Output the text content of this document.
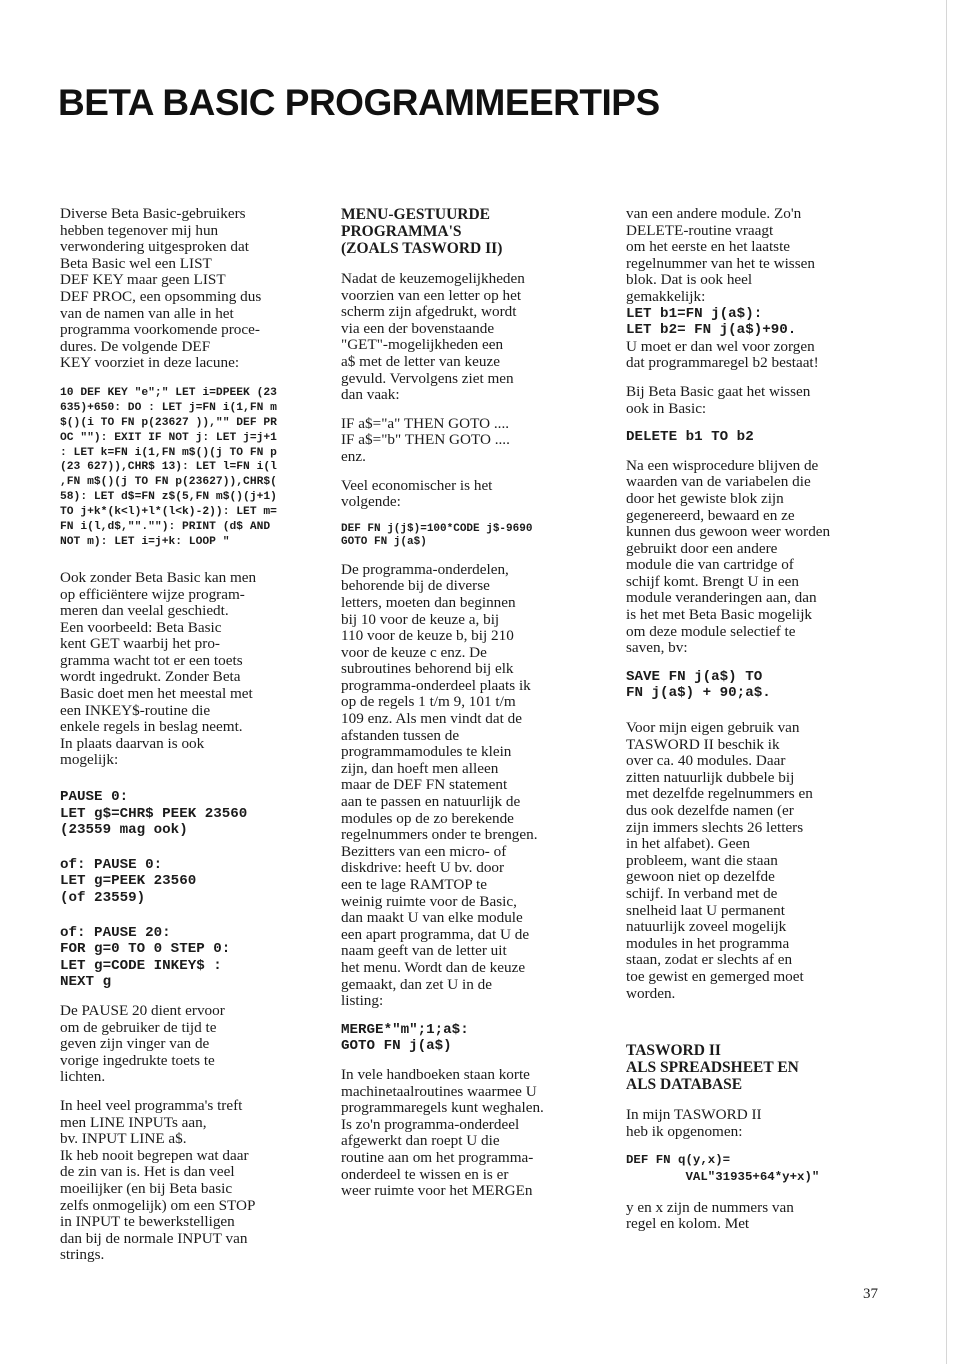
BETA BASIC PROGRAMMEERTIPS

Diverse Beta Basic-gebruikers
hebben tegenover mij hun
verwondering uitgesproken dat
Beta Basic wel een LIST
DEF KEY maar geen LIST
DEF PROC, een opsomming dus
van de namen van alle in het
programma voorkomende proce-
dures. De volgende DEF
KEY voorziet in deze lacune:

10 DEF KEY "e";" LET i=DPEEK (23
635)+650: DO : LET j=FN i(1,FN m
$()(i TO FN p(23627 )),"" DEF PR
OC ""): EXIT IF NOT j: LET j=j+1
: LET k=FN i(1,FN m$()(j TO FN p
(23 627)),CHR$ 13): LET l=FN i(l
,FN m$()(j TO FN p(23627)),CHR$(
58): LET d$=FN z$(5,FN m$()(j+1)
TO j+k*(k<l)+l*(l<k)-2)): LET m=
FN i(l,d$,"".""): PRINT (d$ AND
NOT m): LET i=j+k: LOOP "

Ook zonder Beta Basic kan men
op efficiëntere wijze program-
meren dan veelal geschiedt.
Een voorbeeld: Beta Basic
kent GET waarbij het pro-
gramma wacht tot er een toets
wordt ingedrukt. Zonder Beta
Basic doet men het meestal met
een INKEY$-routine die
enkele regels in beslag neemt.
In plaats daarvan is ook
mogelijk:

PAUSE 0:
LET g$=CHR$ PEEK 23560
(23559 mag ook)
of: PAUSE 0:
LET g=PEEK 23560
(of 23559)
of: PAUSE 20:
FOR g=0 TO 0 STEP 0:
LET g=CODE INKEY$ :
NEXT g

De PAUSE 20 dient ervoor
om de gebruiker de tijd te
geven zijn vinger van de
vorige ingedrukte toets te
lichten.

In heel veel programma's treft
men LINE INPUTs aan,
bv. INPUT LINE a$.
Ik heb nooit begrepen wat daar
de zin van is. Het is dan veel
moeilijker (en bij Beta basic
zelfs onmogelijk) om een STOP
in INPUT te bewerkstelligen
dan bij de normale INPUT van
strings.

MENU-GESTUURDE
PROGRAMMA'S
(ZOALS TASWORD II)

Nadat de keuzemogelijkheden
voorzien van een letter op het
scherm zijn afgedrukt, wordt
via een der bovenstaande
"GET"-mogelijkheden een
a$ met de letter van keuze
gevuld. Vervolgens ziet men
dan vaak:

IF a$="a" THEN GOTO ....
IF a$="b" THEN GOTO ....
enz.

Veel economischer is het
volgende:

DEF FN j(j$)=100*CODE j$-9690
GOTO FN j(a$)

De programma-onderdelen,
behorende bij de diverse
letters, moeten dan beginnen
bij 10 voor de keuze a, bij
110 voor de keuze b, bij 210
voor de keuze c enz. De
subroutines behorend bij elk
programma-onderdeel plaats ik
op de regels 1 t/m 9, 101 t/m
109 enz. Als men vindt dat de
afstanden tussen de
programmamodules te klein
zijn, dan hoeft men alleen
maar de DEF FN statement
aan te passen en natuurlijk de
modules op de zo berekende
regelnummers onder te brengen.
Bezitters van een micro- of
diskdrive: heeft U bv. door
een te lage RAMTOP te
weinig ruimte voor de Basic,
dan maakt U van elke module
een apart programma, dat U de
naam geeft van de letter uit
het menu. Wordt dan de keuze
gemaakt, dan zet U in de
listing:

MERGE*"m";1;a$:
GOTO FN j(a$)

In vele handboeken staan korte
machinetaalroutines waarmee U
programmaregels kunt weghalen.
Is zo'n programma-onderdeel
afgewerkt dan roept U die
routine aan om het programma-
onderdeel te wissen en is er
weer ruimte voor het MERGEn

van een andere module. Zo'n
DELETE-routine vraagt
om het eerste en het laatste
regelnummer van het te wissen
blok. Dat is ook heel
gemakkelijk:

LET b1=FN j(a$):
LET b2= FN j(a$)+90.

U moet er dan wel voor zorgen
dat programmaregel b2 bestaat!

Bij Beta Basic gaat het wissen
ook in Basic:

DELETE b1 TO b2

Na een wisprocedure blijven de
waarden van de variabelen die
door het gewiste blok zijn
gegenereerd, bewaard en ze
kunnen dus gewoon weer worden
gebruikt door een andere
module die van cartridge of
schijf komt. Brengt U in een
module veranderingen aan, dan
is het met Beta Basic mogelijk
om deze module selectief te
saven, bv:

SAVE FN j(a$) TO
FN j(a$) + 90;a$.

Voor mijn eigen gebruik van
TASWORD II beschik ik
over ca. 40 modules. Daar
zitten natuurlijk dubbele bij
met dezelfde regelnummers en
dus ook dezelfde namen (er
zijn immers slechts 26 letters
in het alfabet). Geen
probleem, want die staan
gewoon niet op dezelfde
schijf. In verband met de
snelheid laat U permanent
natuurlijk zoveel mogelijk
modules in het programma
staan, zodat er slechts af en
toe gewist en gemerged moet
worden.

TASWORD II
ALS SPREADSHEET EN
ALS DATABASE

In mijn TASWORD II
heb ik opgenomen:

DEF FN q(y,x)=
VAL"31935+64*y+x)"

y en x zijn de nummers van
regel en kolom. Met

37
